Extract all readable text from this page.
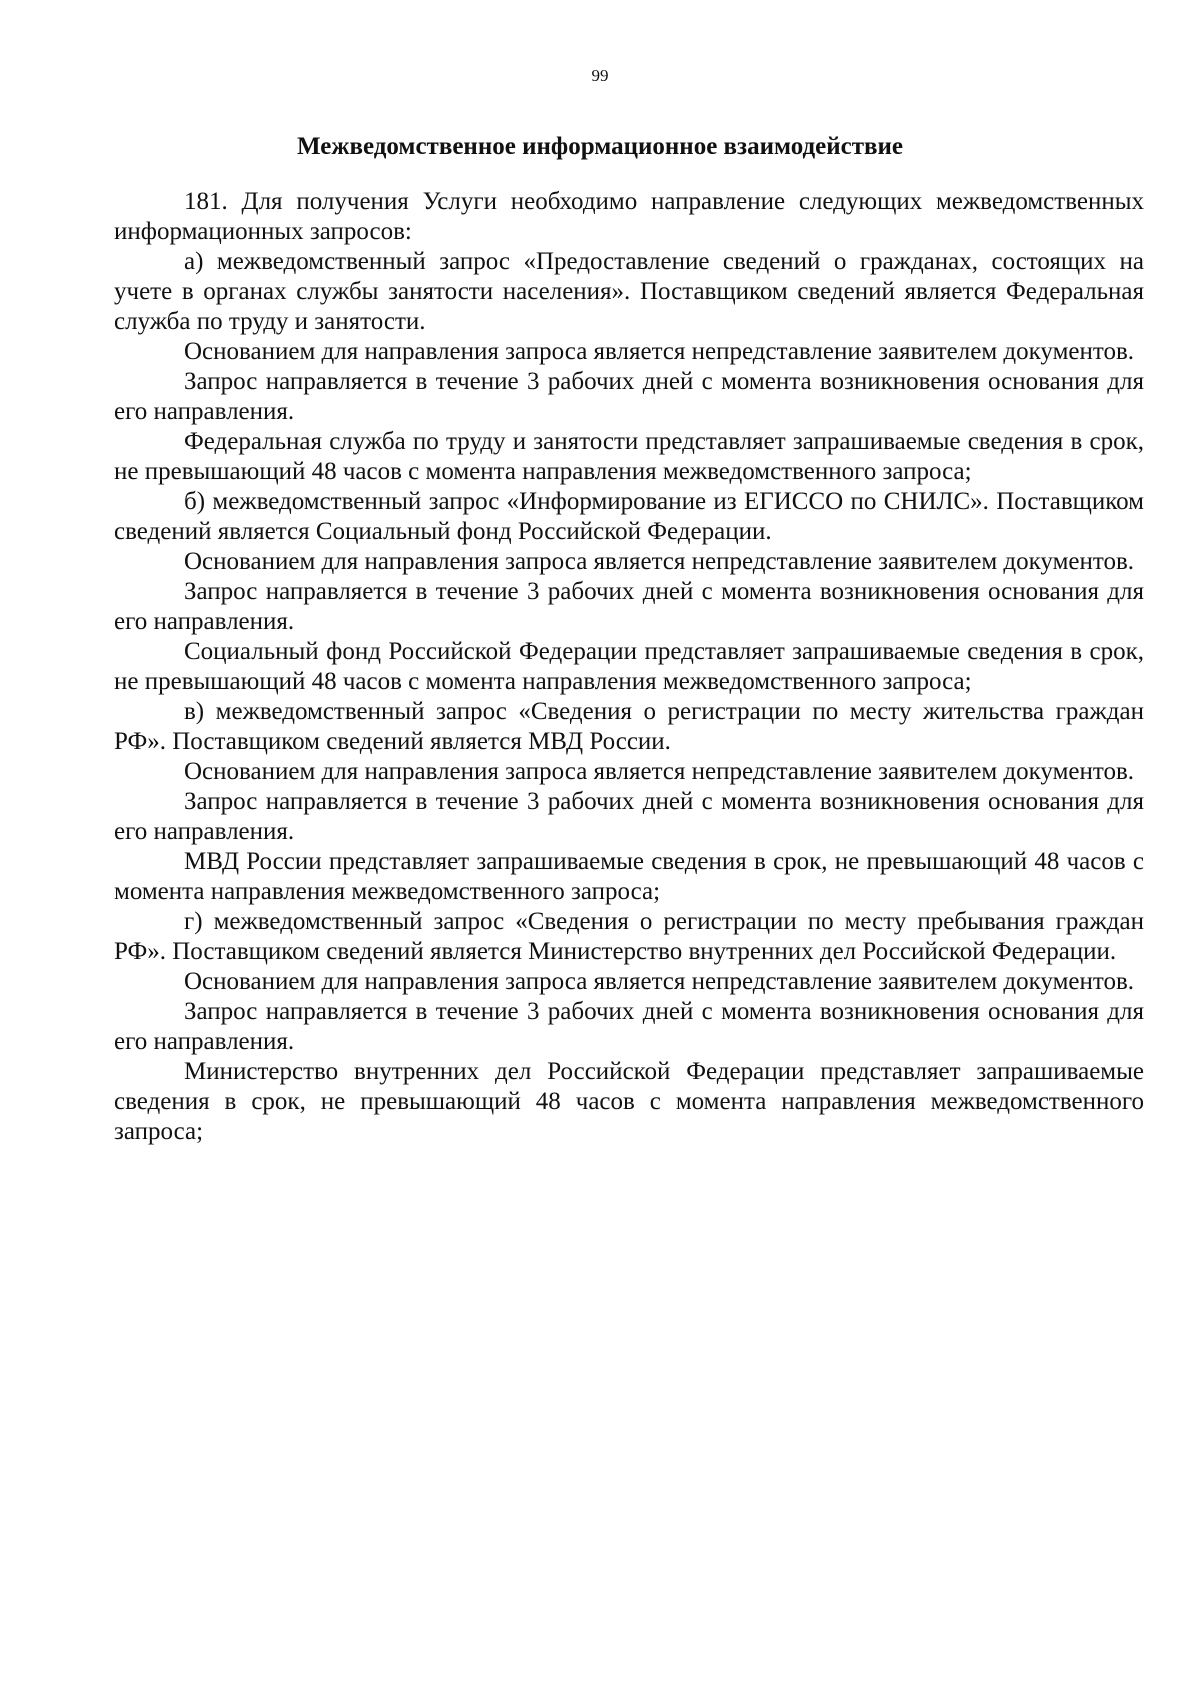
99
Межведомственное информационное взаимодействие

181. Для получения Услуги необходимо направление следующих межведомственных информационных запросов:

а) межведомственный запрос «Предоставление сведений о гражданах, состоящих на учете в органах службы занятости населения». Поставщиком сведений является Федеральная служба по труду и занятости.

Основанием для направления запроса является непредставление заявителем документов.

Запрос направляется в течение 3 рабочих дней с момента возникновения основания для его направления.

Федеральная служба по труду и занятости представляет запрашиваемые сведения в срок, не превышающий 48 часов с момента направления межведомственного запроса;

б) межведомственный запрос «Информирование из ЕГИССО по СНИЛС». Поставщиком сведений является Социальный фонд Российской Федерации.

Основанием для направления запроса является непредставление заявителем документов.

Запрос направляется в течение 3 рабочих дней с момента возникновения основания для его направления.

Социальный фонд Российской Федерации представляет запрашиваемые сведения в срок, не превышающий 48 часов с момента направления межведомственного запроса;

в) межведомственный запрос «Сведения о регистрации по месту жительства граждан РФ». Поставщиком сведений является МВД России.

Основанием для направления запроса является непредставление заявителем документов.

Запрос направляется в течение 3 рабочих дней с момента возникновения основания для его направления.

МВД России представляет запрашиваемые сведения в срок, не превышающий 48 часов с момента направления межведомственного запроса;

г) межведомственный запрос «Сведения о регистрации по месту пребывания граждан РФ». Поставщиком сведений является Министерство внутренних дел Российской Федерации.

Основанием для направления запроса является непредставление заявителем документов.

Запрос направляется в течение 3 рабочих дней с момента возникновения основания для его направления.

Министерство внутренних дел Российской Федерации представляет запрашиваемые сведения в срок, не превышающий 48 часов с момента направления межведомственного запроса;
